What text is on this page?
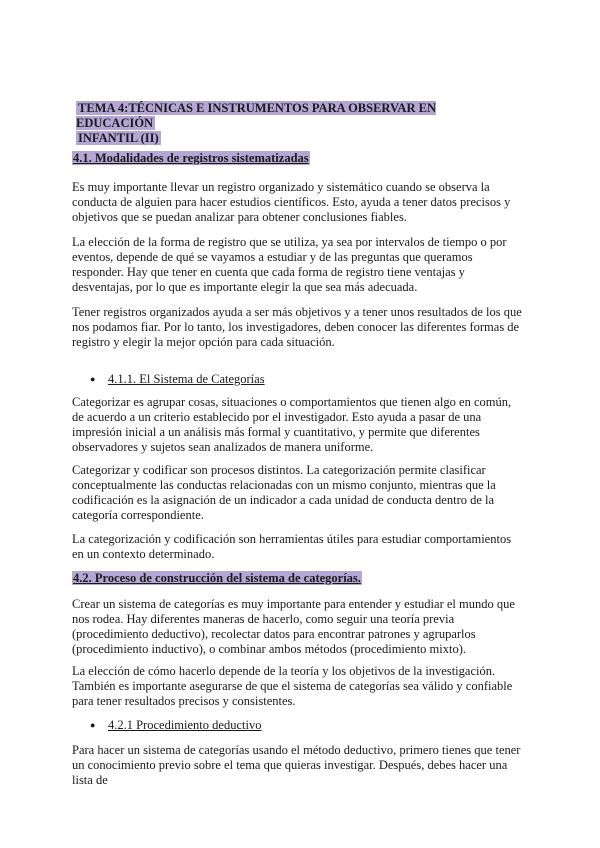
TEMA 4:TÉCNICAS E INSTRUMENTOS PARA OBSERVAR EN EDUCACIÓN
INFANTIL (II)
4.1. Modalidades de registros sistematizadas

Es muy importante llevar un registro organizado y sistemático cuando se observa la conducta de alguien para hacer estudios científicos. Esto, ayuda a tener datos precisos y objetivos que se puedan analizar para obtener conclusiones fiables.

La elección de la forma de registro que se utiliza, ya sea por intervalos de tiempo o por eventos, depende de qué se vayamos a estudiar y de las preguntas que queramos responder. Hay que tener en cuenta que cada forma de registro tiene ventajas y desventajas, por lo que es importante elegir la que sea más adecuada.

Tener registros organizados ayuda a ser más objetivos y a tener unos resultados de los que nos podamos fiar. Por lo tanto, los investigadores, deben conocer las diferentes formas de registro y elegir la mejor opción para cada situación.

● 4.1.1. El Sistema de Categorías

Categorizar es agrupar cosas, situaciones o comportamientos que tienen algo en común, de acuerdo a un criterio establecido por el investigador. Esto ayuda a pasar de una impresión inicial a un análisis más formal y cuantitativo, y permite que diferentes observadores y sujetos sean analizados de manera uniforme.

Categorizar y codificar son procesos distintos. La categorización permite clasificar conceptualmente las conductas relacionadas con un mismo conjunto, mientras que la codificación es la asignación de un indicador a cada unidad de conducta dentro de la categoría correspondiente.

La categorización y codificación son herramientas útiles para estudiar comportamientos en un contexto determinado.

4.2. Proceso de construcción del sistema de categorías.

Crear un sistema de categorías es muy importante para entender y estudiar el mundo que nos rodea. Hay diferentes maneras de hacerlo, como seguir una teoría previa (procedimiento deductivo), recolectar datos para encontrar patrones y agruparlos (procedimiento inductivo), o combinar ambos métodos (procedimiento mixto).

La elección de cómo hacerlo depende de la teoría y los objetivos de la investigación. También es importante asegurarse de que el sistema de categorías sea válido y confiable para tener resultados precisos y consistentes.

● 4.2.1 Procedimiento deductivo

Para hacer un sistema de categorías usando el método deductivo, primero tienes que tener un conocimiento previo sobre el tema que quieras investigar. Después, debes hacer una lista de
